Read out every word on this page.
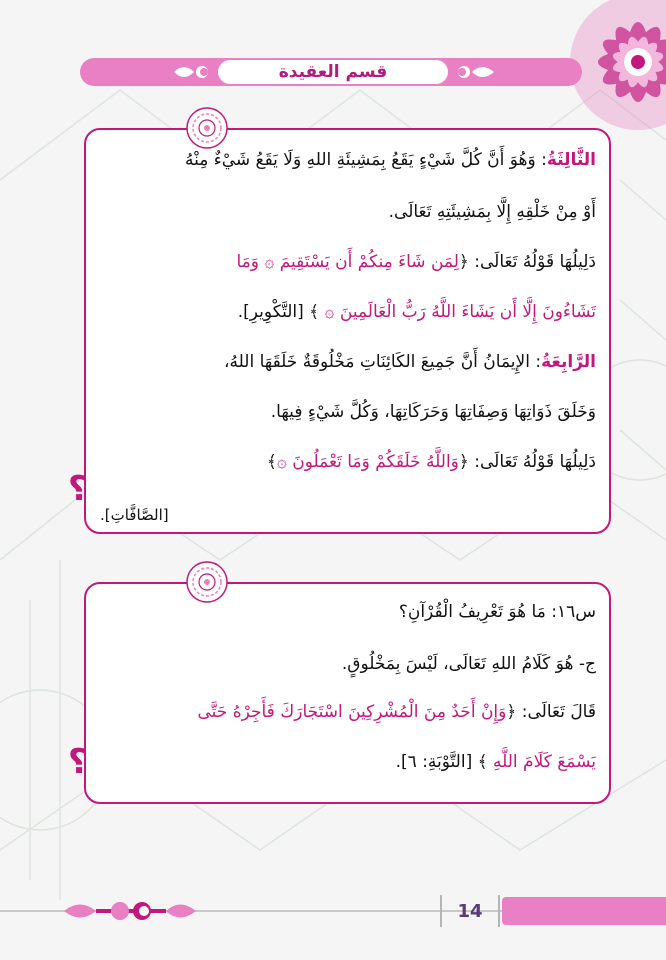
قسم العقيدة
الثَّالِثَةُ: وَهُوَ أَنَّ كُلَّ شَيْءٍ يَقَعُ بِمَشِيئَةِ اللهِ وَلَا يَقَعُ شَيْءٌ مِنْهُ
أَوْ مِنْ خَلْقِهِ إِلَّا بِمَشِيئَتِهِ تَعَالَى.
دَلِيلُهَا قَوْلُهُ تَعَالَى: ﴿لِمَن شَاءَ مِنكُمْ أَن يَسْتَقِيمَ ۞ وَمَا
تَشَاءُونَ إِلَّا أَن يَشَاءَ اللَّهُ رَبُّ الْعَالَمِينَ ۞ ﴾ [التَّكْوِيرِ].
الرَّابِعَةُ: الإِيمَانُ أَنَّ جَمِيعَ الكَائِنَاتِ مَخْلُوقَةٌ خَلَقَهَا اللهُ،
وَخَلَقَ ذَوَاتِهَا وَصِفَاتِهَا وَحَرَكَاتِهَا، وَكُلَّ شَيْءٍ فِيهَا.
دَلِيلُهَا قَوْلُهُ تَعَالَى: ﴿وَاللَّهُ خَلَقَكُمْ وَمَا تَعْمَلُونَ ۞﴾
[الصَّافَّاتِ].
؟
س١٦: مَا هُوَ تَعْرِيفُ الْقُرْآنِ؟
ج- هُوَ كَلَامُ اللهِ تَعَالَى، لَيْسَ بِمَخْلُوقٍ.
قَالَ تَعَالَى: ﴿وَإِنْ أَحَدٌ مِنَ الْمُشْرِكِينَ اسْتَجَارَكَ فَأَجِرْهُ حَتَّى
يَسْمَعَ كَلَامَ اللَّهِ ﴾ [التَّوْبَةِ: ٦].
؟
14
